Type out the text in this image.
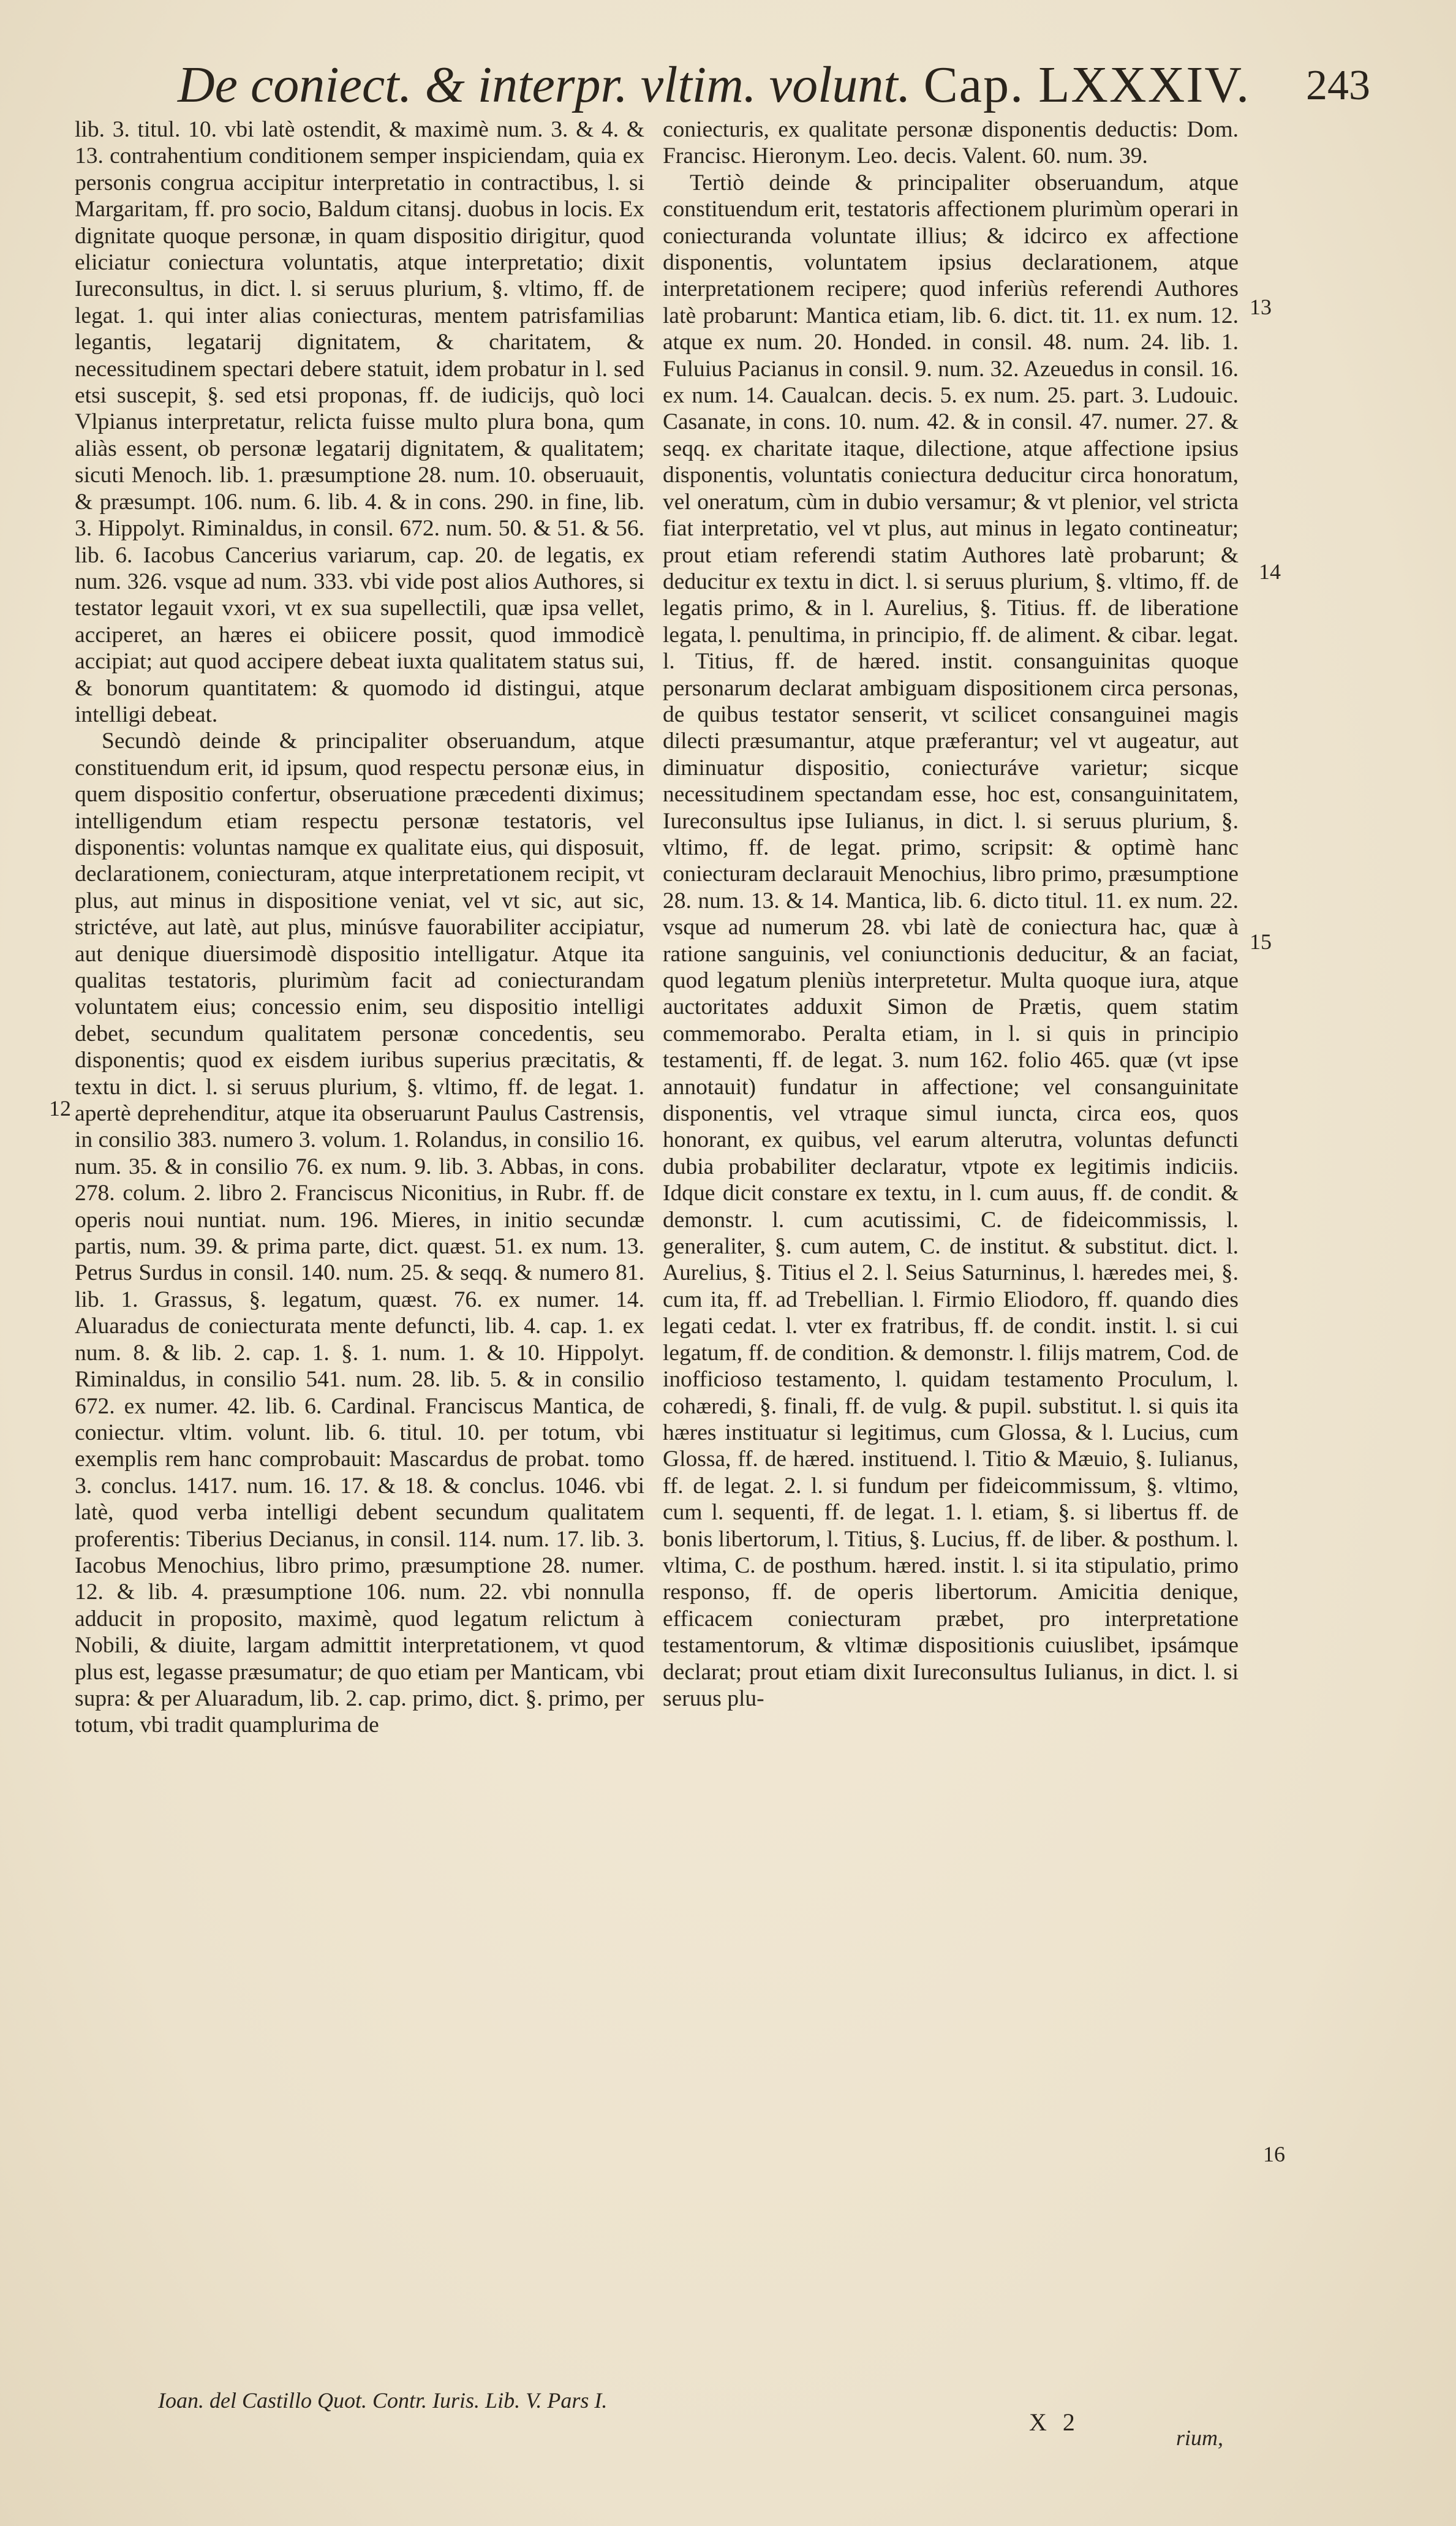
De coniect. & interpr. vltim. volunt. Cap. LXXXIV.	243

lib. 3. titul. 10. vbi latè ostendit, & maximè num. 3. & 4. & 13. contrahentium conditionem semper inspiciendam, quia ex personis congrua accipitur interpretatio in contractibus, l. si Margaritam, ff. pro socio, Baldum citansj. duobus in locis. Ex dignitate quoque personæ, in quam dispositio dirigitur, quod eliciatur coniectura voluntatis, atque interpretatio; dixit Iureconsultus, in dict. l. si seruus plurium, §. vltimo, ff. de legat. 1. qui inter alias coniecturas, mentem patrisfamilias legantis, legatarij dignitatem, & charitatem, & necessitudinem spectari debere statuit, idem probatur in l. sed etsi suscepit, §. sed etsi proponas, ff. de iudicijs, quò loci Vlpianus interpretatur, relicta fuisse multo plura bona, qum aliàs essent, ob personæ legatarij dignitatem, & qualitatem; sicuti Menoch. lib. 1. præsumptione 28. num. 10. obseruauit, & præsumpt. 106. num. 6. lib. 4. & in cons. 290. in fine, lib. 3. Hippolyt. Riminaldus, in consil. 672. num. 50. & 51. & 56. lib. 6. Iacobus Cancerius variarum, cap. 20. de legatis, ex num. 326. vsque ad num. 333. vbi vide post alios Authores, si testator legauit vxori, vt ex sua supellectili, quæ ipsa vellet, acciperet, an hæres ei obiicere possit, quod immodicè accipiat; aut quod accipere debeat iuxta qualitatem status sui, & bonorum quantitatem: & quomodo id distingui, atque intelligi debeat.

Secundò deinde & principaliter obseruandum, atque constituendum erit, id ipsum, quod respectu personæ eius, in quem dispositio confertur, obseruatione præcedenti diximus; intelligendum etiam respectu personæ testatoris, vel disponentis: voluntas namque ex qualitate eius, qui disposuit, declarationem, coniecturam, atque interpretationem recipit, vt plus, aut minus in dispositione veniat, vel vt sic, aut sic, strictéve, aut latè, aut plus, minúsve fauorabiliter accipiatur, aut denique diuersimodè dispositio intelligatur. Atque ita qualitas testatoris, plurimùm facit ad coniecturandam voluntatem eius; concessio enim, seu dispositio intelligi debet, secundum qualitatem personæ concedentis, seu disponentis; quod ex eisdem iuribus superius præcitatis, & textu in dict. l. si seruus plurium, §. vltimo, ff. de legat. 1. apertè deprehenditur, atque ita obseruarunt Paulus Castrensis, in consilio 383. numero 3. volum. 1. Rolandus, in consilio 16. num. 35. & in consilio 76. ex num. 9. lib. 3. Abbas, in cons. 278. colum. 2. libro 2. Franciscus Niconitius, in Rubr. ff. de operis noui nuntiat. num. 196. Mieres, in initio secundæ partis, num. 39. & prima parte, dict. quæst. 51. ex num. 13. Petrus Surdus in consil. 140. num. 25. & seqq. & numero 81. lib. 1. Grassus, §. legatum, quæst. 76. ex numer. 14. Aluaradus de coniecturata mente defuncti, lib. 4. cap. 1. ex num. 8. & lib. 2. cap. 1. §. 1. num. 1. & 10. Hippolyt. Riminaldus, in consilio 541. num. 28. lib. 5. & in consilio 672. ex numer. 42. lib. 6. Cardinal. Franciscus Mantica, de coniectur. vltim. volunt. lib. 6. titul. 10. per totum, vbi exemplis rem hanc comprobauit: Mascardus de probat. tomo 3. conclus. 1417. num. 16. 17. & 18. & conclus. 1046. vbi latè, quod verba intelligi debent secundum qualitatem proferentis: Tiberius Decianus, in consil. 114. num. 17. lib. 3. Iacobus Menochius, libro primo, præsumptione 28. numer. 12. & lib. 4. præsumptione 106. num. 22. vbi nonnulla adducit in proposito, maximè, quod legatum relictum à Nobili, & diuite, largam admittit interpretationem, vt quod plus est, legasse præsumatur; de quo etiam per Manticam, vbi supra: & per Aluaradum, lib. 2. cap. primo, dict. §. primo, per totum, vbi tradit quamplurima de

coniecturis, ex qualitate personæ disponentis deductis: Dom. Francisc. Hieronym. Leo. decis. Valent. 60. num. 39.

Tertiò deinde & principaliter obseruandum, atque constituendum erit, testatoris affectionem plurimùm operari in coniecturanda voluntate illius; & idcirco ex affectione disponentis, voluntatem ipsius declarationem, atque interpretationem recipere; quod inferiùs referendi Authores latè probarunt: Mantica etiam, lib. 6. dict. tit. 11. ex num. 12. atque ex num. 20. Honded. in consil. 48. num. 24. lib. 1. Fuluius Pacianus in consil. 9. num. 32. Azeuedus in consil. 16. ex num. 14. Caualcan. decis. 5. ex num. 25. part. 3. Ludouic. Casanate, in cons. 10. num. 42. & in consil. 47. numer. 27. & seqq. ex charitate itaque, dilectione, atque affectione ipsius disponentis, voluntatis coniectura deducitur circa honoratum, vel oneratum, cùm in dubio versamur; & vt plenior, vel stricta fiat interpretatio, vel vt plus, aut minus in legato contineatur; prout etiam referendi statim Authores latè probarunt; & deducitur ex textu in dict. l. si seruus plurium, §. vltimo, ff. de legatis primo, & in l. Aurelius, §. Titius. ff. de liberatione legata, l. penultima, in principio, ff. de aliment. & cibar. legat. l. Titius, ff. de hæred. instit. consanguinitas quoque personarum declarat ambiguam dispositionem circa personas, de quibus testator senserit, vt scilicet consanguinei magis dilecti præsumantur, atque præferantur; vel vt augeatur, aut diminuatur dispositio, coniecturáve varietur; sicque necessitudinem spectandam esse, hoc est, consanguinitatem, Iureconsultus ipse Iulianus, in dict. l. si seruus plurium, §. vltimo, ff. de legat. primo, scripsit: & optimè hanc coniecturam declarauit Menochius, libro primo, præsumptione 28. num. 13. & 14. Mantica, lib. 6. dicto titul. 11. ex num. 22. vsque ad numerum 28. vbi latè de coniectura hac, quæ à ratione sanguinis, vel coniunctionis deducitur, & an faciat, quod legatum pleniùs interpretetur. Multa quoque iura, atque auctoritates adduxit Simon de Prætis, quem statim commemorabo. Peralta etiam, in l. si quis in principio testamenti, ff. de legat. 3. num 162. folio 465. quæ (vt ipse annotauit) fundatur in affectione; vel consanguinitate disponentis, vel vtraque simul iuncta, circa eos, quos honorant, ex quibus, vel earum alterutra, voluntas defuncti dubia probabiliter declaratur, vtpote ex legitimis indiciis. Idque dicit constare ex textu, in l. cum auus, ff. de condit. & demonstr. l. cum acutissimi, C. de fideicommissis, l. generaliter, §. cum autem, C. de institut. & substitut. dict. l. Aurelius, §. Titius el 2. l. Seius Saturninus, l. hæredes mei, §. cum ita, ff. ad Trebellian. l. Firmio Eliodoro, ff. quando dies legati cedat. l. vter ex fratribus, ff. de condit. instit. l. si cui legatum, ff. de condition. & demonstr. l. filijs matrem, Cod. de inofficioso testamento, l. quidam testamento Proculum, l. cohæredi, §. finali, ff. de vulg. & pupil. substitut. l. si quis ita hæres instituatur si legitimus, cum Glossa, & l. Lucius, cum Glossa, ff. de hæred. instituend. l. Titio & Mæuio, §. Iulianus, ff. de legat. 2. l. si fundum per fideicommissum, §. vltimo, cum l. sequenti, ff. de legat. 1. l. etiam, §. si libertus ff. de bonis libertorum, l. Titius, §. Lucius, ff. de liber. & posthum. l. vltima, C. de posthum. hæred. instit. l. si ita stipulatio, primo responso, ff. de operis libertorum. Amicitia denique, efficacem coniecturam præbet, pro interpretatione testamentorum, & vltimæ dispositionis cuiuslibet, ipsámque declarat; prout etiam dixit Iureconsultus Iulianus, in dict. l. si seruus plu-

12
13
14
15
16
Ioan. del Castillo Quot. Contr. Iuris. Lib. V. Pars I.
X 2
rium,
